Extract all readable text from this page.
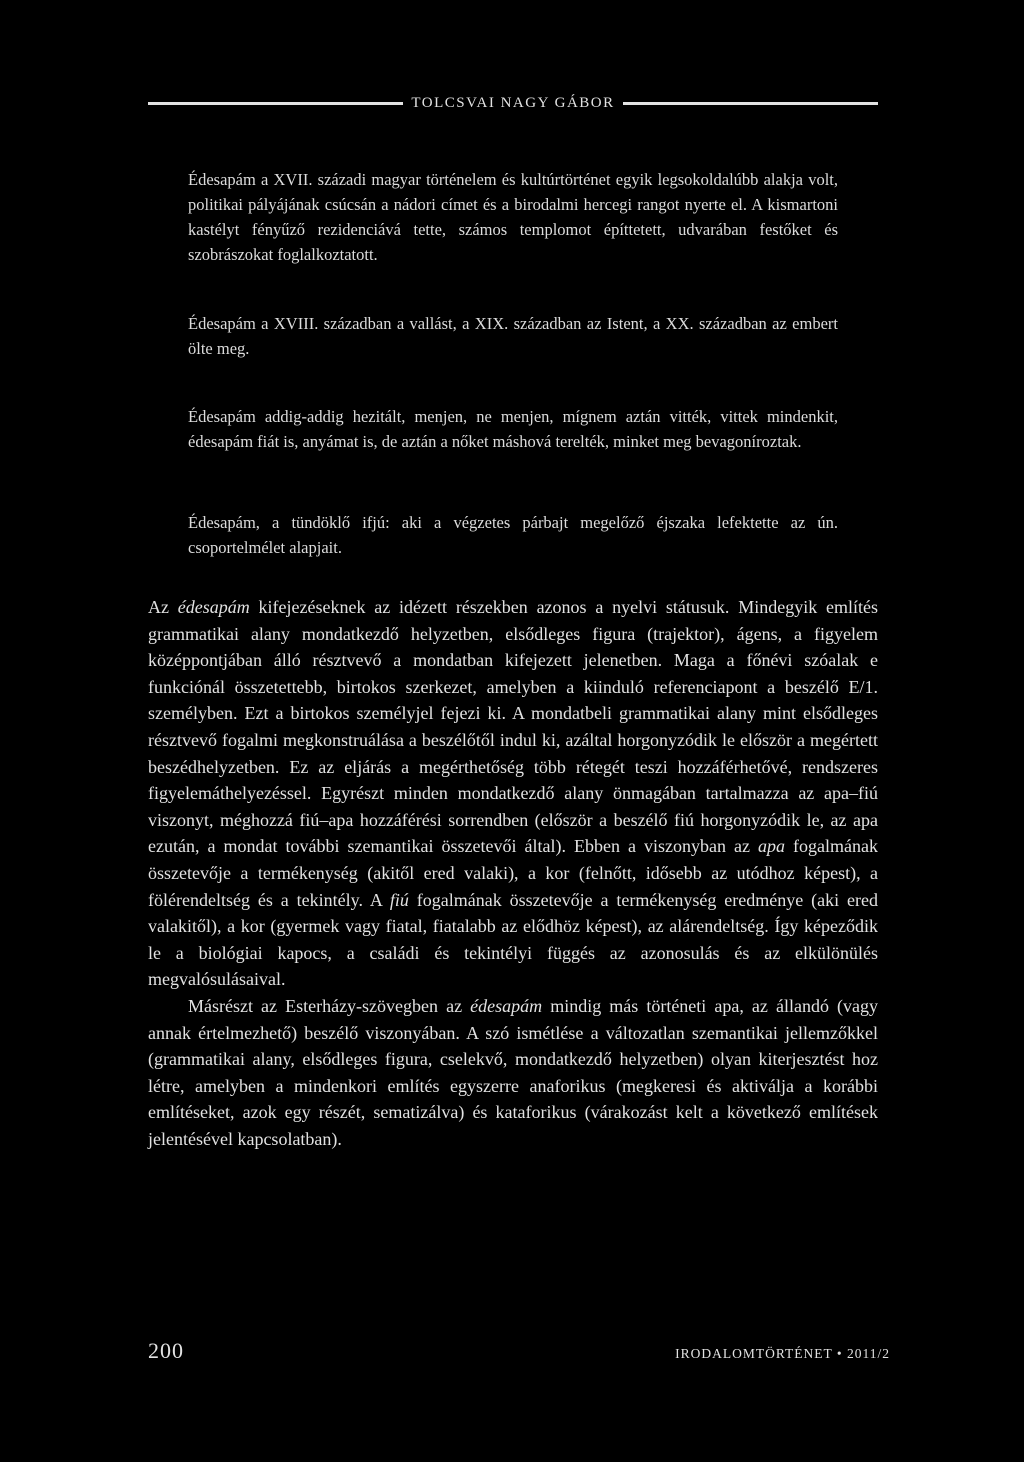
TOLCSVAI NAGY GÁBOR
Édesapám a XVII. századi magyar történelem és kultúrtörténet egyik legsokoldalúbb alakja volt, politikai pályájának csúcsán a nádori címet és a birodalmi hercegi rangot nyerte el. A kismartoni kastélyt fényűző rezidenciává tette, számos templomot építtetett, udvarában festőket és szobrászokat foglalkoztatott.
Édesapám a XVIII. században a vallást, a XIX. században az Istent, a XX. században az embert ölte meg.
Édesapám addig-addig hezitált, menjen, ne menjen, mígnem aztán vitték, vittek mindenkit, édesapám fiát is, anyámat is, de aztán a nőket máshová terelték, minket meg bevagoníroztak.
Édesapám, a tündöklő ifjú: aki a végzetes párbajt megelőző éjszaka lefektette az ún. csoportelmélet alapjait.

Az édesapám kifejezéseknek az idézett részekben azonos a nyelvi státusuk. Mindegyik említés grammatikai alany mondatkezdő helyzetben, elsődleges figura (trajektor), ágens, a figyelem középpontjában álló résztvevő a mondatban kifejezett jelenetben. Maga a főnévi szóalak e funkciónál összetettebb, birtokos szerkezet, amelyben a kiinduló referenciapont a beszélő E/1. személyben. Ezt a birtokos személyjel fejezi ki. A mondatbeli grammatikai alany mint elsődleges résztvevő fogalmi megkonstruálása a beszélőtől indul ki, azáltal horgonyzódik le először a megértett beszédhelyzetben. Ez az eljárás a megérthetőség több rétegét teszi hozzáférhetővé, rendszeres figyelemáthelyezéssel. Egyrészt minden mondatkezdő alany önmagában tartalmazza az apa–fiú viszonyt, méghozzá fiú–apa hozzáférési sorrendben (először a beszélő fiú horgonyzódik le, az apa ezután, a mondat további szemantikai összetevői által). Ebben a viszonyban az apa fogalmának összetevője a termékenység (akitől ered valaki), a kor (felnőtt, idősebb az utódhoz képest), a fölérendeltség és a tekintély. A fiú fogalmának összetevője a termékenység eredménye (aki ered valakitől), a kor (gyermek vagy fiatal, fiatalabb az elődhöz képest), az alárendeltség. Így képeződik le a biológiai kapocs, a családi és tekintélyi függés az azonosulás és az elkülönülés megvalósulásaival.

Másrészt az Esterházy-szövegben az édesapám mindig más történeti apa, az állandó (vagy annak értelmezhető) beszélő viszonyában. A szó ismétlése a változatlan szemantikai jellemzőkkel (grammatikai alany, elsődleges figura, cselekvő, mondatkezdő helyzetben) olyan kiterjesztést hoz létre, amelyben a mindenkori említés egyszerre anaforikus (megkeresi és aktiválja a korábbi említéseket, azok egy részét, sematizálva) és kataforikus (várakozást kelt a következő említések jelentésével kapcsolatban).

200	IRODALOMTÖRTÉNET • 2011/2
